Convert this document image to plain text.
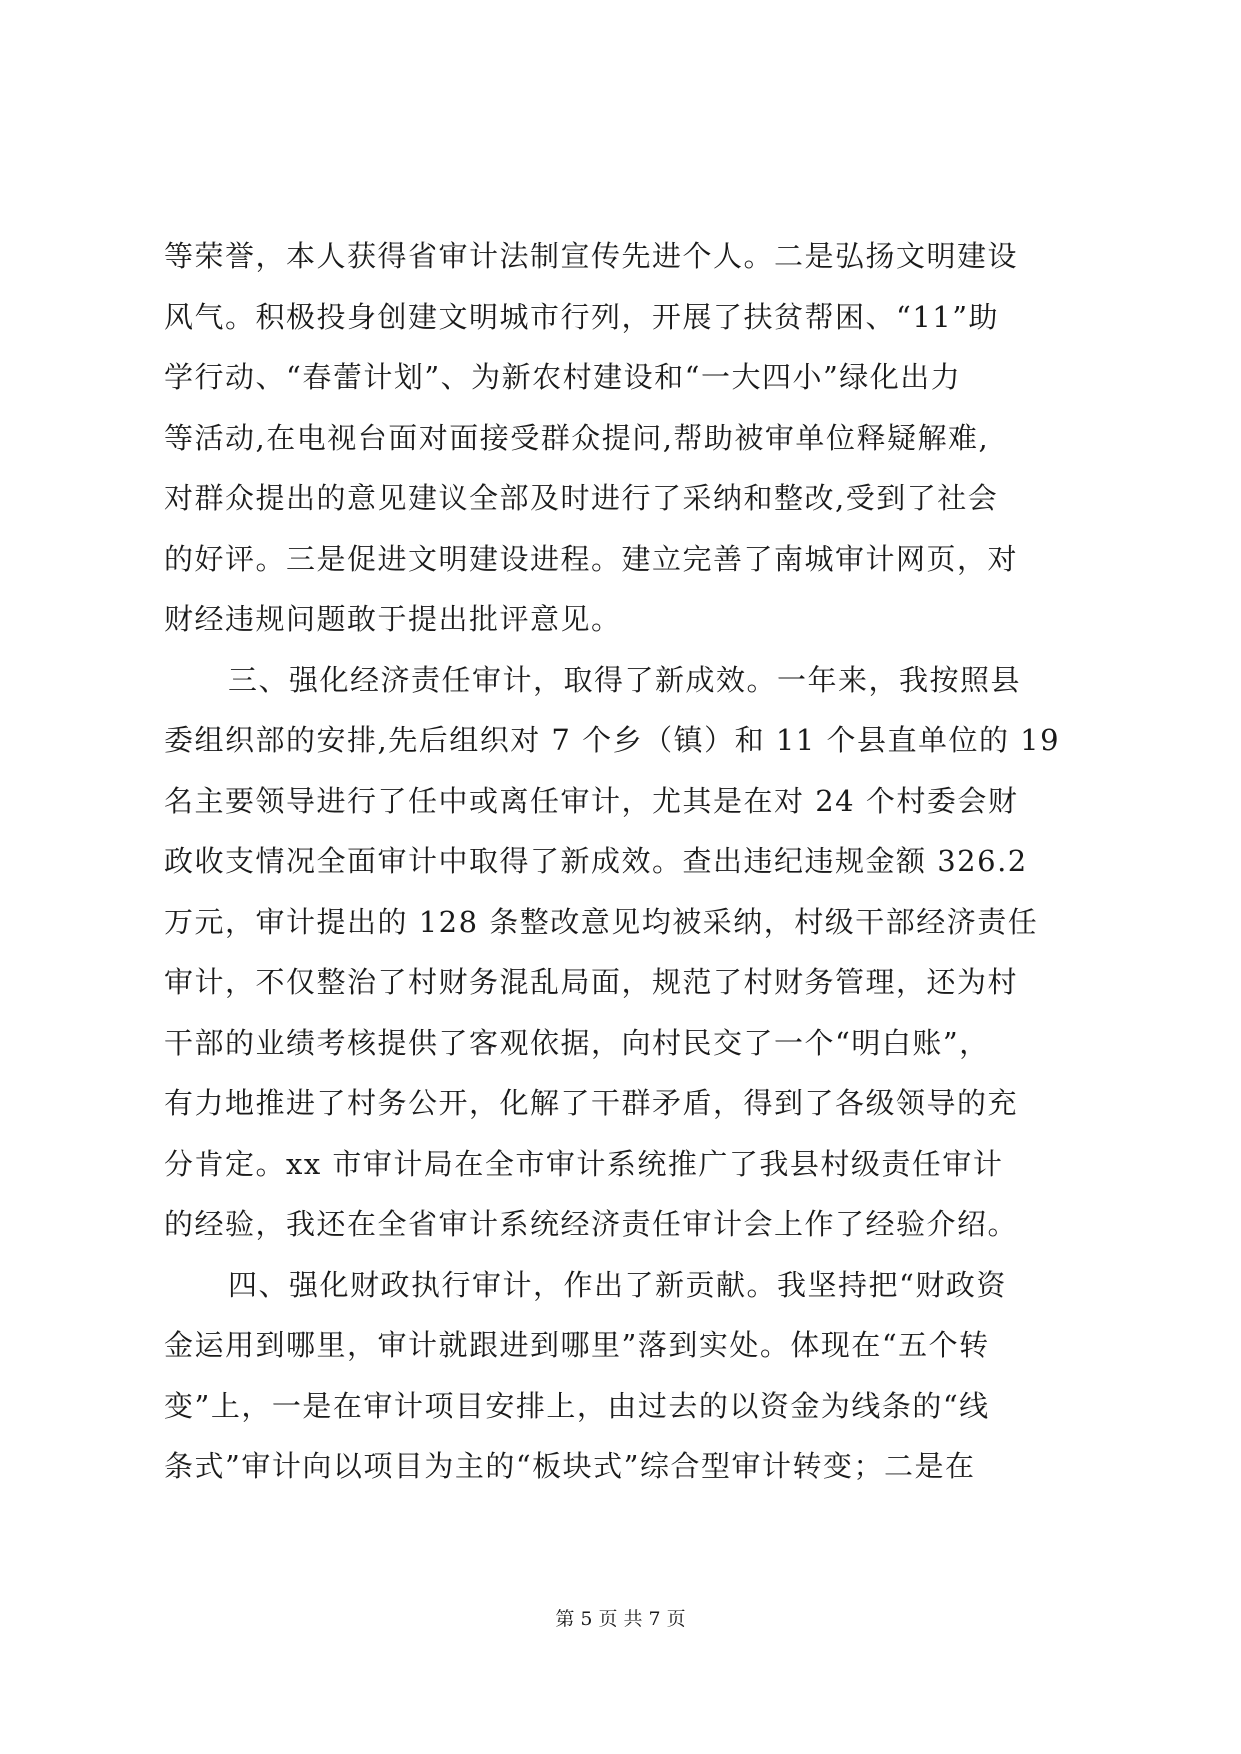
等荣誉，本人获得省审计法制宣传先进个人。二是弘扬文明建设
风气。积极投身创建文明城市行列，开展了扶贫帮困、“11”助
学行动、“春蕾计划”、为新农村建设和“一大四小”绿化出力
等活动,在电视台面对面接受群众提问,帮助被审单位释疑解难,
对群众提出的意见建议全部及时进行了采纳和整改,受到了社会
的好评。三是促进文明建设进程。建立完善了南城审计网页，对
财经违规问题敢于提出批评意见。
三、强化经济责任审计，取得了新成效。一年来，我按照县
委组织部的安排,先后组织对 7 个乡（镇）和 11 个县直单位的 19
名主要领导进行了任中或离任审计，尤其是在对 24 个村委会财
政收支情况全面审计中取得了新成效。查出违纪违规金额 326.2
万元，审计提出的 128 条整改意见均被采纳，村级干部经济责任
审计，不仅整治了村财务混乱局面，规范了村财务管理，还为村
干部的业绩考核提供了客观依据，向村民交了一个“明白账”，
有力地推进了村务公开，化解了干群矛盾，得到了各级领导的充
分肯定。xx 市审计局在全市审计系统推广了我县村级责任审计
的经验，我还在全省审计系统经济责任审计会上作了经验介绍。
四、强化财政执行审计，作出了新贡献。我坚持把“财政资
金运用到哪里，审计就跟进到哪里”落到实处。体现在“五个转
变”上，一是在审计项目安排上，由过去的以资金为线条的“线
条式”审计向以项目为主的“板块式”综合型审计转变；二是在
第 5 页 共 7 页
